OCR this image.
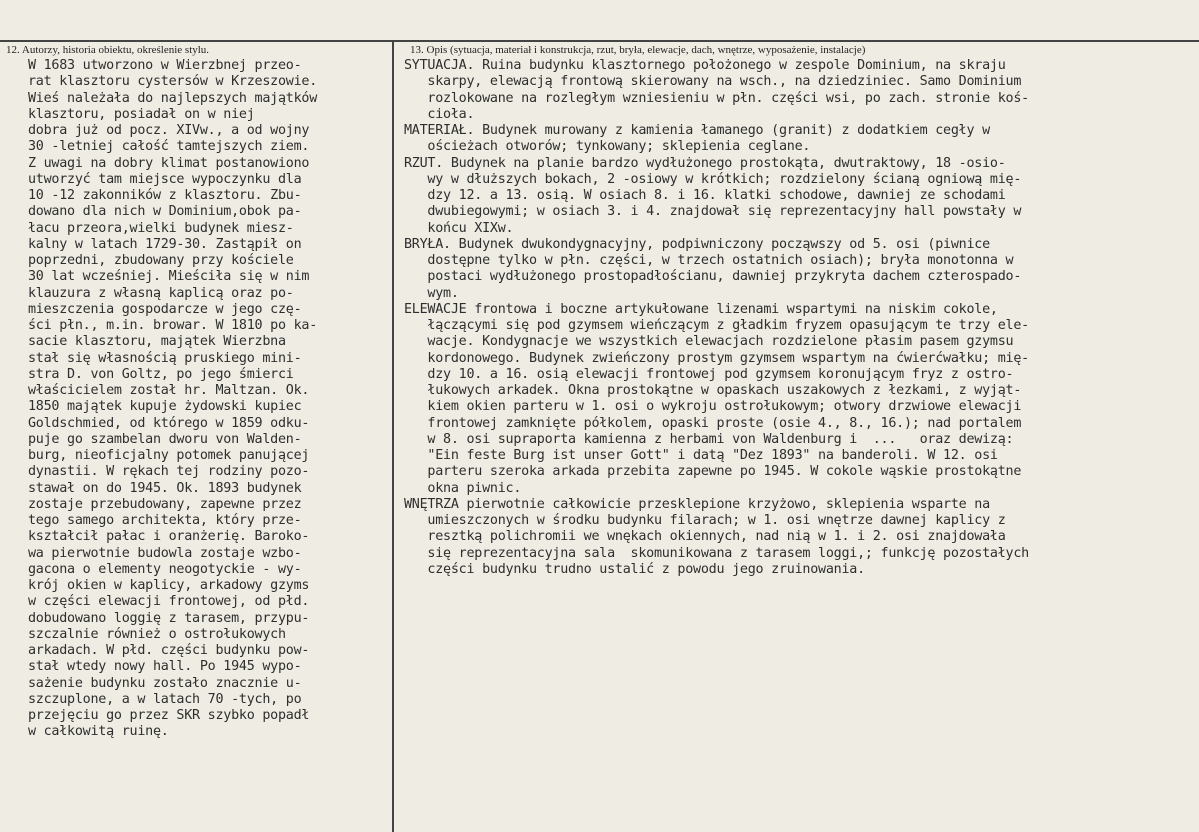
12. Autorzy, historia obiektu, określenie stylu.	13. Opis (sytuacja, materiał i konstrukcja, rzut, bryła, elewacje, dach, wnętrze, wyposażenie, instalacje)
W 1683 utworzono w Wierzbnej przeo-
rat klasztoru cystersów w Krzeszowie.
Wieś należała do najlepszych majątków
klasztoru, posiadał on w niej
dobra już od pocz. XIVw., a od wojny
30 -letniej całość tamtejszych ziem.
Z uwagi na dobry klimat postanowiono
utworzyć tam miejsce wypoczynku dla
10 -12 zakonników z klasztoru. Zbu-
dowano dla nich w Dominium,obok pa-
łacu przeora,wielki budynek miesz-
kalny w latach 1729-30. Zastąpił on
poprzedni, zbudowany przy kościele
30 lat wcześniej. Mieściła się w nim
klauzura z własną kaplicą oraz po-
mieszczenia gospodarcze w jego czę-
ści płn., m.in. browar. W 1810 po ka-
sacie klasztoru, majątek Wierzbna
stał się własnością pruskiego mini-
stra D. von Goltz, po jego śmierci
właścicielem został hr. Maltzan. Ok.
1850 majątek kupuje żydowski kupiec
Goldschmied, od którego w 1859 odku-
puje go szambelan dworu von Walden-
burg, nieoficjalny potomek panującej
dynastii. W rękach tej rodziny pozo-
stawał on do 1945. Ok. 1893 budynek
zostaje przebudowany, zapewne przez
tego samego architekta, który prze-
kształcił pałac i oranżerię. Baroko-
wa pierwotnie budowla zostaje wzbo-
gacona o elementy neogotyckie - wy-
krój okien w kaplicy, arkadowy gzyms
w części elewacji frontowej, od płd.
dobudowano loggię z tarasem, przypu-
szczalnie również o ostrołukowych
arkadach. W płd. części budynku pow-
stał wtedy nowy hall. Po 1945 wypo-
sażenie budynku zostało znacznie u-
szczuplone, a w latach 70 -tych, po
przejęciu go przez SKR szybko popadł
w całkowitą ruinę.
SYTUACJA. Ruina budynku klasztornego położonego w zespole Dominium, na skraju
skarpy, elewacją frontową skierowany na wsch., na dziedziniec. Samo Dominium
rozlokowane na rozległym wzniesieniu w płn. części wsi, po zach. stronie koś-
cioła.
MATERIAŁ. Budynek murowany z kamienia łamanego (granit) z dodatkiem cegły w
ościeżach otworów; tynkowany; sklepienia ceglane.
RZUT. Budynek na planie bardzo wydłużonego prostokąta, dwutraktowy, 18 -osio-
wy w dłuższych bokach, 2 -osiowy w krótkich; rozdzielony ścianą ogniową mię-
dzy 12. a 13. osią. W osiach 8. i 16. klatki schodowe, dawniej ze schodami
dwubiegowymi; w osiach 3. i 4. znajdował się reprezentacyjny hall powstały w
końcu XIXw.
BRYŁA. Budynek dwukondygnacyjny, podpiwniczony począwszy od 5. osi (piwnice
dostępne tylko w płn. części, w trzech ostatnich osiach); bryła monotonna w
postaci wydłużonego prostopadłościanu, dawniej przykryta dachem czterospado-
wym.
ELEWACJE frontowa i boczne artykułowane lizenami wspartymi na niskim cokole,
łączącymi się pod gzymsem wieńczącym z gładkim fryzem opasującym te trzy ele-
wacje. Kondygnacje we wszystkich elewacjach rozdzielone płasim pasem gzymsu
kordonowego. Budynek zwieńczony prostym gzymsem wspartym na ćwierćwałku; mię-
dzy 10. a 16. osią elewacji frontowej pod gzymsem koronującym fryz z ostro-
łukowych arkadek. Okna prostokątne w opaskach uszakowych z łezkami, z wyjąt-
kiem okien parteru w 1. osi o wykroju ostrołukowym; otwory drzwiowe elewacji
frontowej zamknięte półkolem, opaski proste (osie 4., 8., 16.); nad portalem
w 8. osi supraporta kamienna z herbami von Waldenburg i  ...   oraz dewizą:
"Ein feste Burg ist unser Gott" i datą "Dez 1893" na banderoli. W 12. osi
parteru szeroka arkada przebita zapewne po 1945. W cokole wąskie prostokątne
okna piwnic.
WNĘTRZA pierwotnie całkowicie przesklepione krzyżowo, sklepienia wsparte na
umieszczonych w środku budynku filarach; w 1. osi wnętrze dawnej kaplicy z
resztką polichromii we wnękach okiennych, nad nią w 1. i 2. osi znajdowała
się reprezentacyjna sala  skomunikowana z tarasem loggi,; funkcję pozostałych
części budynku trudno ustalić z powodu jego zruinowania.
